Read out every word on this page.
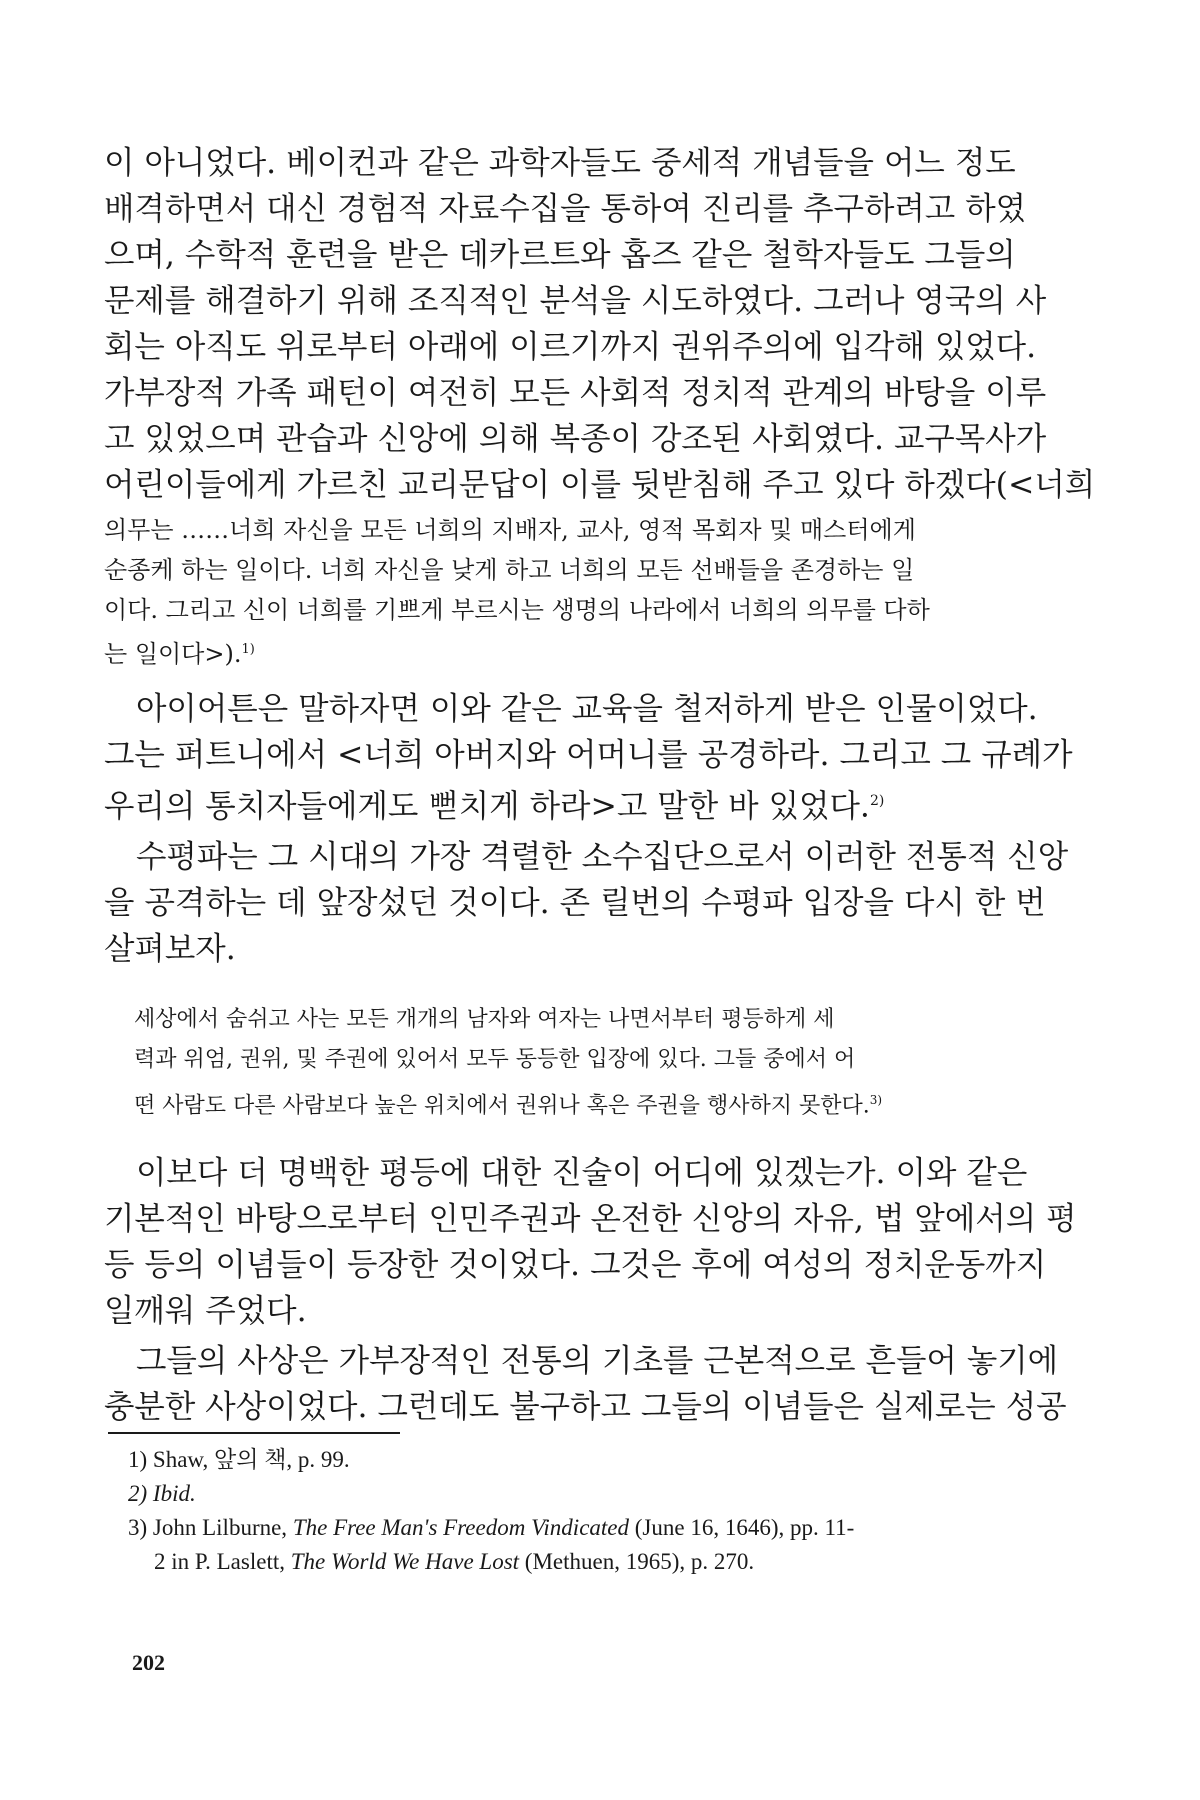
이 아니었다. 베이컨과 같은 과학자들도 중세적 개념들을 어느 정도
배격하면서 대신 경험적 자료수집을 통하여 진리를 추구하려고 하였
으며, 수학적 훈련을 받은 데카르트와 홉즈 같은 철학자들도 그들의
문제를 해결하기 위해 조직적인 분석을 시도하였다. 그러나 영국의 사
회는 아직도 위로부터 아래에 이르기까지 권위주의에 입각해 있었다.
가부장적 가족 패턴이 여전히 모든 사회적 정치적 관계의 바탕을 이루
고 있었으며 관습과 신앙에 의해 복종이 강조된 사회였다. 교구목사가
어린이들에게 가르친 교리문답이 이를 뒷받침해 주고 있다 하겠다(<너희
의무는 ……너희 자신을 모든 너희의 지배자, 교사, 영적 목회자 및 매스터에게
순종케 하는 일이다. 너희 자신을 낮게 하고 너희의 모든 선배들을 존경하는 일
이다. 그리고 신이 너희를 기쁘게 부르시는 생명의 나라에서 너희의 의무를 다하
는 일이다>).$^{1)}$
아이어튼은 말하자면 이와 같은 교육을 철저하게 받은 인물이었다.
그는 퍼트니에서 <너희 아버지와 어머니를 공경하라. 그리고 그 규례가
우리의 통치자들에게도 뻗치게 하라>고 말한 바 있었다.$^{2)}$
수평파는 그 시대의 가장 격렬한 소수집단으로서 이러한 전통적 신앙
을 공격하는 데 앞장섰던 것이다. 존 릴번의 수평파 입장을 다시 한 번
살펴보자.
세상에서 숨쉬고 사는 모든 개개의 남자와 여자는 나면서부터 평등하게 세
력과 위엄, 권위, 및 주권에 있어서 모두 동등한 입장에 있다. 그들 중에서 어
떤 사람도 다른 사람보다 높은 위치에서 권위나 혹은 주권을 행사하지 못한다.$^{3)}$
이보다 더 명백한 평등에 대한 진술이 어디에 있겠는가. 이와 같은
기본적인 바탕으로부터 인민주권과 온전한 신앙의 자유, 법 앞에서의 평
등 등의 이념들이 등장한 것이었다. 그것은 후에 여성의 정치운동까지
일깨워 주었다.
그들의 사상은 가부장적인 전통의 기초를 근본적으로 흔들어 놓기에
충분한 사상이었다. 그런데도 불구하고 그들의 이념들은 실제로는 성공
1) Shaw, 앞의 책, p. 99.
2) Ibid.
3) John Lilburne, The Free Man's Freedom Vindicated (June 16, 1646), pp. 11-
2 in P. Laslett, The World We Have Lost (Methuen, 1965), p. 270.
202
